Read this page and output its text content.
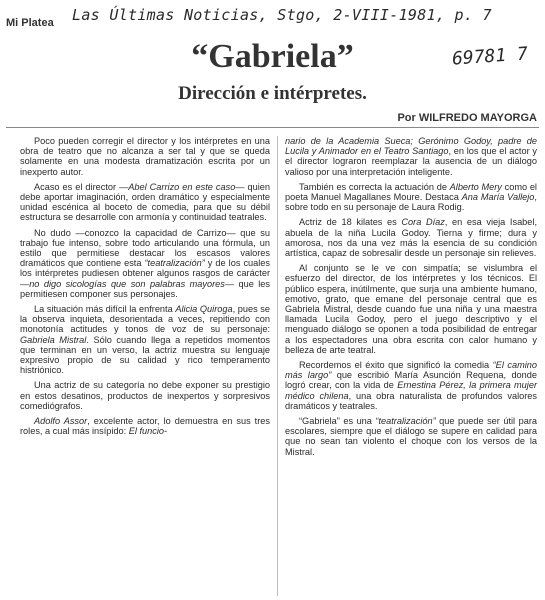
Mi Platea Las Últimas Noticias, Stgo, 2-VIII-1981, p. 7
69781 7
“Gabriela”
Dirección e intérpretes.
Por WILFREDO MAYORGA

Poco pueden corregir el director y los intérpretes en una obra de teatro que no alcanza a ser tal y que se queda solamente en una modesta dramatización escrita por un inexperto autor.

Acaso es el director —Abel Carrizo en este caso— quien debe aportar imaginación, orden dramático y especialmente unidad escénica al boceto de comedia, para que su débil estructura se desarrolle con armonía y continuidad teatrales.

No dudo —conozco la capacidad de Carrizo— que su trabajo fue intenso, sobre todo articulando una fórmula, un estilo que permitiese destacar los escasos valores dramáticos que contiene esta “teatralización” y de los cuales los intérpretes pudiesen obtener algunos rasgos de carácter —no digo sicologías que son palabras mayores— que les permitiesen componer sus personajes.

La situación más difícil la enfrenta Alicia Quiroga, pues se la observa inquieta, desorientada a veces, repitiendo con monotonía actitudes y tonos de voz de su personaje: Gabriela Mistral. Sólo cuando llega a repetidos momentos que terminan en un verso, la actriz muestra su lenguaje expresivo propio de su calidad y rico temperamento histriónico.

Una actriz de su categoría no debe exponer su prestigio en estos desatinos, productos de inexpertos y sorpresivos comediógrafos.

Adolfo Assor, excelente actor, lo demuestra en sus tres roles, a cual más insípido: El funcio-

nario de la Academia Sueca; Gerónimo Godoy, padre de Lucila y Animador en el Teatro Santiago, en los que el actor y el director lograron reemplazar la ausencia de un diálogo valioso por una interpretación inteligente.

También es correcta la actuación de Alberto Mery como el poeta Manuel Magallanes Moure. Destaca Ana María Vallejo, sobre todo en su personaje de Laura Rodig.

Actriz de 18 kilates es Cora Díaz, en esa vieja Isabel, abuela de la niña Lucila Godoy. Tierna y firme; dura y amorosa, nos da una vez más la esencia de su condición artística, capaz de sobresalir desde un personaje sin relieves.

Al conjunto se le ve con simpatía; se vislumbra el esfuerzo del director, de los intérpretes y los técnicos. El público espera, inútilmente, que surja una ambiente humano, emotivo, grato, que emane del personaje central que es Gabriela Mistral, desde cuando fue una niña y una maestra llamada Lucila Godoy, pero el juego descriptivo y el menguado diálogo se oponen a toda posibilidad de entregar a los espectadores una obra escrita con calor humano y belleza de arte teatral.

Recordemos el éxito que significó la comedia “El camino más largo” que escribió María Asunción Requena, donde logró crear, con la vida de Ernestina Pérez, la primera mujer médico chilena, una obra naturalista de profundos valores dramáticos y teatrales.

“Gabriela” es una “teatralización” que puede ser útil para escolares, siempre que el diálogo se supere en calidad para que no sean tan violento el choque con los versos de la Mistral.
